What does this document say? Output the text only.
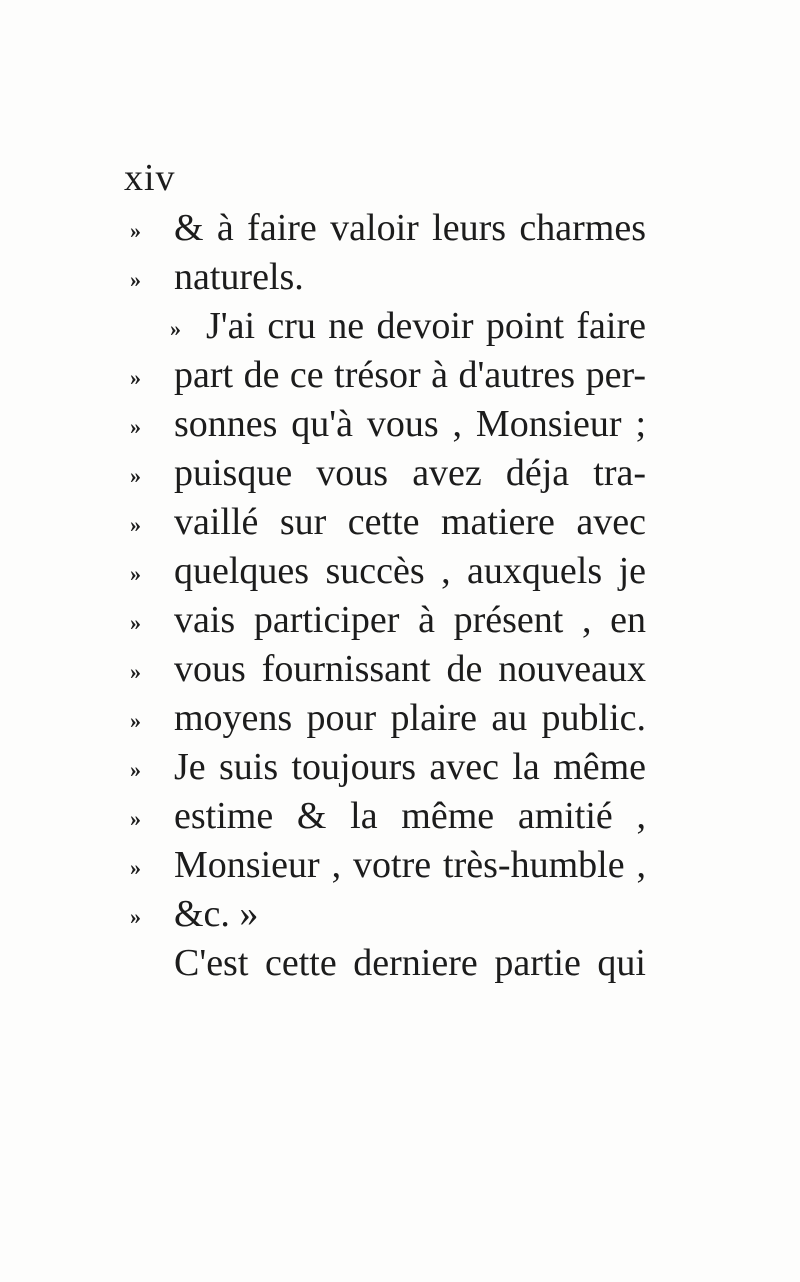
xiv
» & à faire valoir leurs charmes
» naturels.
» J'ai cru ne devoir point faire
» part de ce trésor à d'autres per-
» sonnes qu'à vous , Monsieur ;
» puisque vous avez déja tra-
» vaillé sur cette matiere avec
» quelques succès , auxquels je
» vais participer à présent , en
» vous fournissant de nouveaux
» moyens pour plaire au public.
» Je suis toujours avec la même
» estime & la même amitié ,
» Monsieur , votre très-humble ,
» &c. »
C'est cette derniere partie qui
